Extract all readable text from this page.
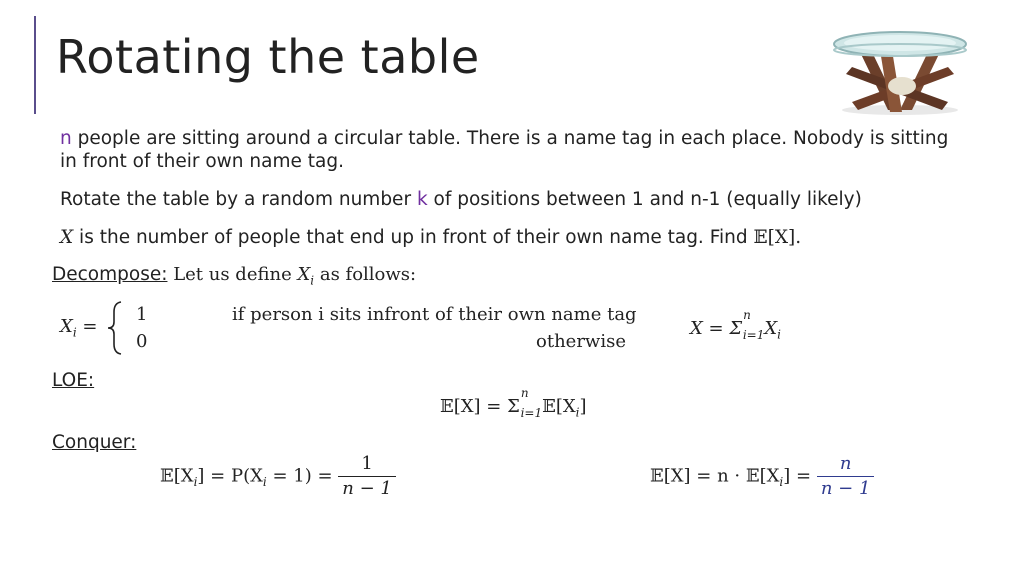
Rotating the table
n people are sitting around a circular table. There is a name tag in each place. Nobody is sitting in front of their own name tag.
Rotate the table by a random number k of positions between 1 and n-1 (equally likely)
X is the number of people that end up in front of their own name tag. Find 𝔼[X].
Decompose: Let us define $X_i$ as follows:
$X_i$ =
1	if person i sits infront of their own name tag
0	otherwise
$X = \Sigma^n_{i=1}X_i$
LOE:
𝔼[X] = $\Sigma^n_{i=1}𝔼[X_i]$
Conquer:
$𝔼[X_i] = P(X_i = 1) = \frac{1}{n - 1}$	𝔼[X] = $n \cdot 𝔼[X_i] = \frac{n}{n - 1}$
